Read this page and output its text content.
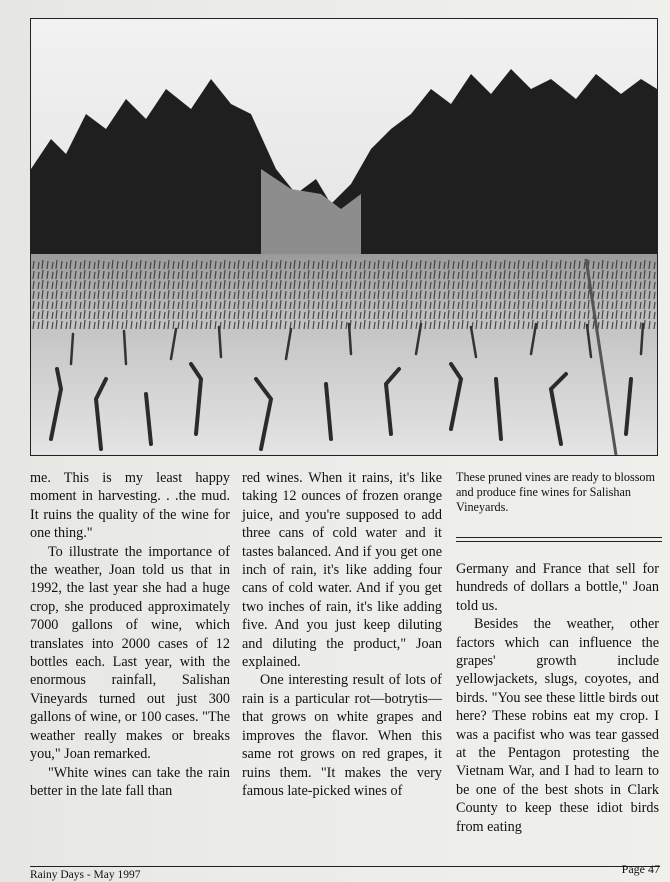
me. This is my least happy moment in harvesting. . .the mud. It ruins the quality of the wine for one thing."

To illustrate the importance of the weather, Joan told us that in 1992, the last year she had a huge crop, she produced approximately 7000 gallons of wine, which translates into 2000 cases of 12 bottles each. Last year, with the enormous rainfall, Salishan Vineyards turned out just 300 gallons of wine, or 100 cases. "The weather really makes or breaks you," Joan remarked.

"White wines can take the rain better in the late fall than

red wines. When it rains, it's like taking 12 ounces of frozen orange juice, and you're supposed to add three cans of cold water and it tastes balanced. And if you get one inch of rain, it's like adding four cans of cold water. And if you get two inches of rain, it's like adding five. And you just keep diluting and diluting the product," Joan explained.

One interesting result of lots of rain is a particular rot—botrytis—that grows on white grapes and improves the flavor. When this same rot grows on red grapes, it ruins them. "It makes the very famous late-picked wines of

These pruned vines are ready to blossom and produce fine wines for Salishan Vineyards.

Germany and France that sell for hundreds of dollars a bottle," Joan told us.

Besides the weather, other factors which can influence the grapes' growth include yellowjackets, slugs, coyotes, and birds. "You see these little birds out here? These robins eat my crop. I was a pacifist who was tear gassed at the Pentagon protesting the Vietnam War, and I had to learn to be one of the best shots in Clark County to keep these idiot birds from eating

Rainy Days - May 1997	Page 47
